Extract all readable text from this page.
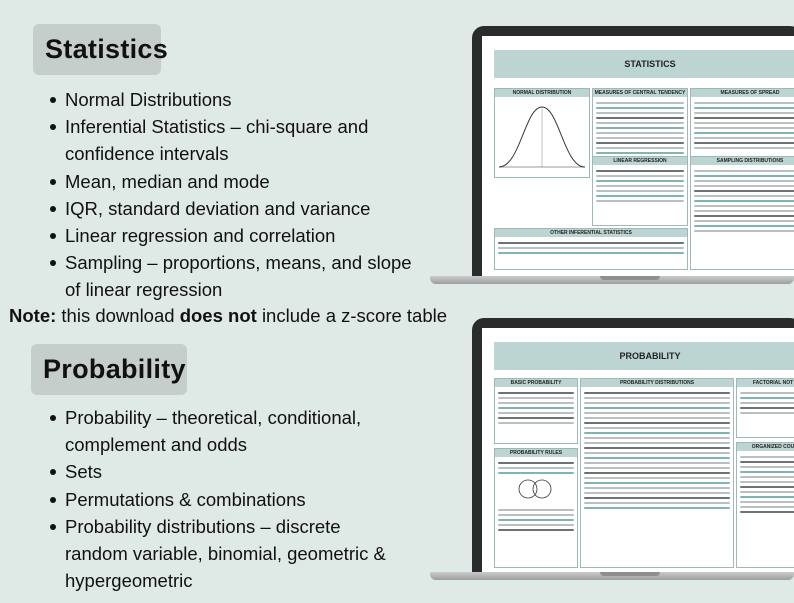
Statistics
Normal Distributions
Inferential Statistics – chi-square and confidence intervals
Mean, median and mode
IQR, standard deviation and variance
Linear regression and correlation
Sampling – proportions, means, and slope of linear regression
Note: this download does not include a z-score table
Probability
Probability – theoretical, conditional, complement and odds
Sets
Permutations & combinations
Probability distributions – discrete random variable, binomial, geometric & hypergeometric
STATISTICS
NORMAL DISTRIBUTION	MEASURES OF CENTRAL TENDENCY	MEASURES OF SPREAD
LINEAR REGRESSION	SAMPLING DISTRIBUTIONS
OTHER INFERENTIAL STATISTICS
PROBABILITY
BASIC PROBABILITY	PROBABILITY DISTRIBUTIONS	FACTORIAL NOT
PROBABILITY RULES
ORGANIZED COU
